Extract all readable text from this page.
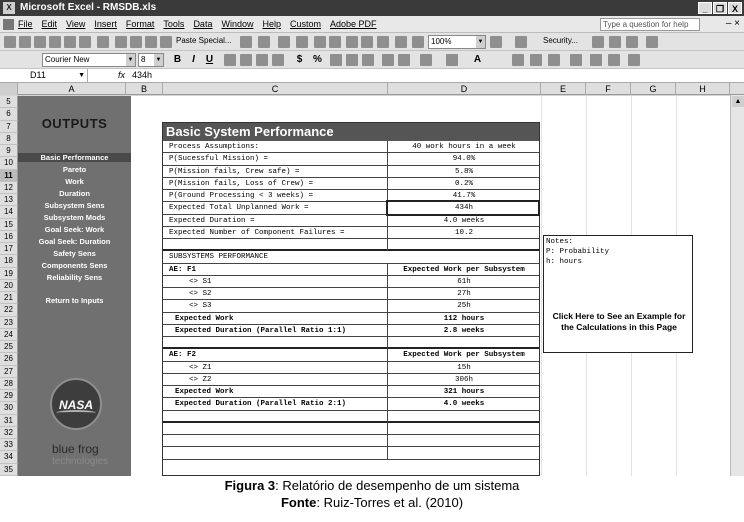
X Microsoft Excel - RMSDB.xls	_ ❒ X
File Edit View Insert Format Tools Data Window Help Custom Adobe PDF	Type a question for help	– ×
Paste Special...	100%	▼	Security...
Courier New	▼ 8 ▼ B	I	U	$ %	A
D11	▼	fx 434h
A	B	C	D	E	F	G	H
5
6
7
8
9
10
11
12
13
14
15
16
17
18
19
20
21
22
23
24
25
26
27
28
29
30
31
32
33
34
35
OUTPUTS
Basic Performance
Pareto
Work
Duration
Subsystem Sens
Subsystem Mods
Goal Seek: Work
Goal Seek: Duration
Safety Sens
Components Sens
Reliability Sens
Return to Inputs
NASA
blue frog
technologies
Basic System Performance
Process Assumptions:	40 work hours in a week
P(Sucessful Mission) =	94.0%
P(Mission fails, Crew safe) =	5.8%
P(Mission fails, Loss of Crew) =	0.2%
P(Ground Processing < 3 weeks) =	41.7%
Expected Total Unplanned Work =	434h
Expected Duration =	4.0 weeks
Expected Number of Component Failures =	10.2
SUBSYSTEMS PERFORMANCE
AE: F1	Expected Work per Subsystem
<> S1	61h
<> S2	27h
<> S3	25h
Expected Work	112 hours
Expected Duration (Parallel Ratio 1:1)	2.8 weeks
AE: F2	Expected Work per Subsystem
<> Z1	15h
<> Z2	306h
Expected Work	321 hours
Expected Duration (Parallel Ratio 2:1)	4.0 weeks
Notes:
P: Probability
h: hours
Click Here to See an Example for the Calculations in this Page
▲
Figura 3: Relatório de desempenho de um sistema
Fonte: Ruiz-Torres et al. (2010)
